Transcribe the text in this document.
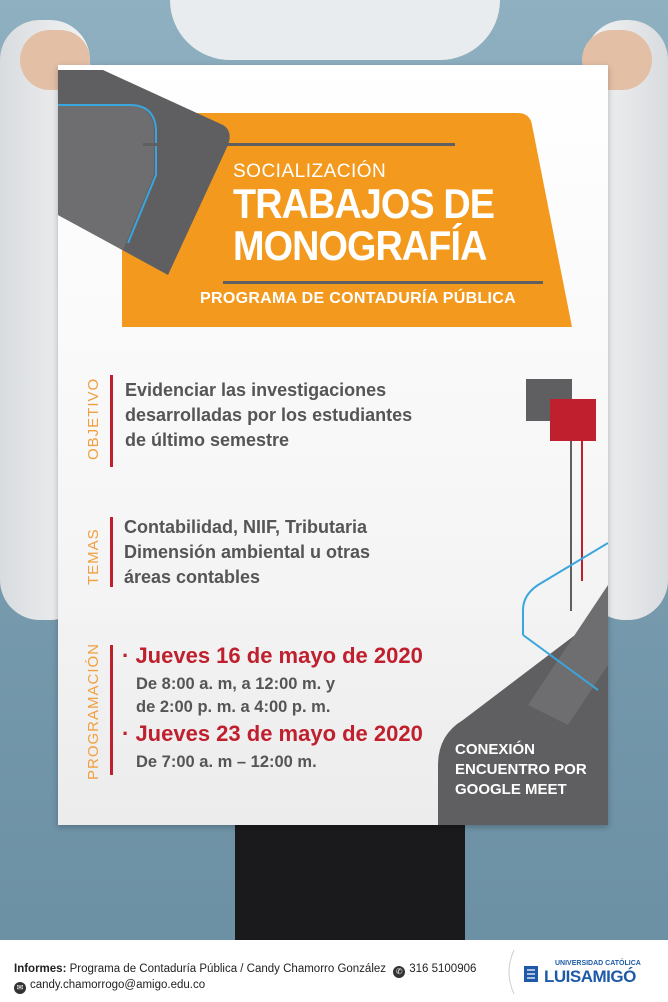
SOCIALIZACIÓN
TRABAJOS DE
MONOGRAFÍA
PROGRAMA DE CONTADURÍA PÚBLICA
OBJETIVO Evidenciar las investigaciones
desarrolladas por los estudiantes
de último semestre
TEMAS
Contabilidad, NIIF, Tributaria
Dimensión ambiental u otras
áreas contables
PROGRAMACIÓN · Jueves 16 de mayo de 2020
De 8:00 a. m, a 12:00 m. y
de 2:00 p. m. a 4:00 p. m.
· Jueves 23 de mayo de 2020
De 7:00 a. m – 12:00 m.
CONEXIÓN
ENCUENTRO POR
GOOGLE MEET
Informes: Programa de Contaduría Pública / Candy Chamorro González ✆ 316 5100906
✉ candy.chamorrogo@amigo.edu.co
UNIVERSIDAD CATÓLICA
LUISAMIGÓ
